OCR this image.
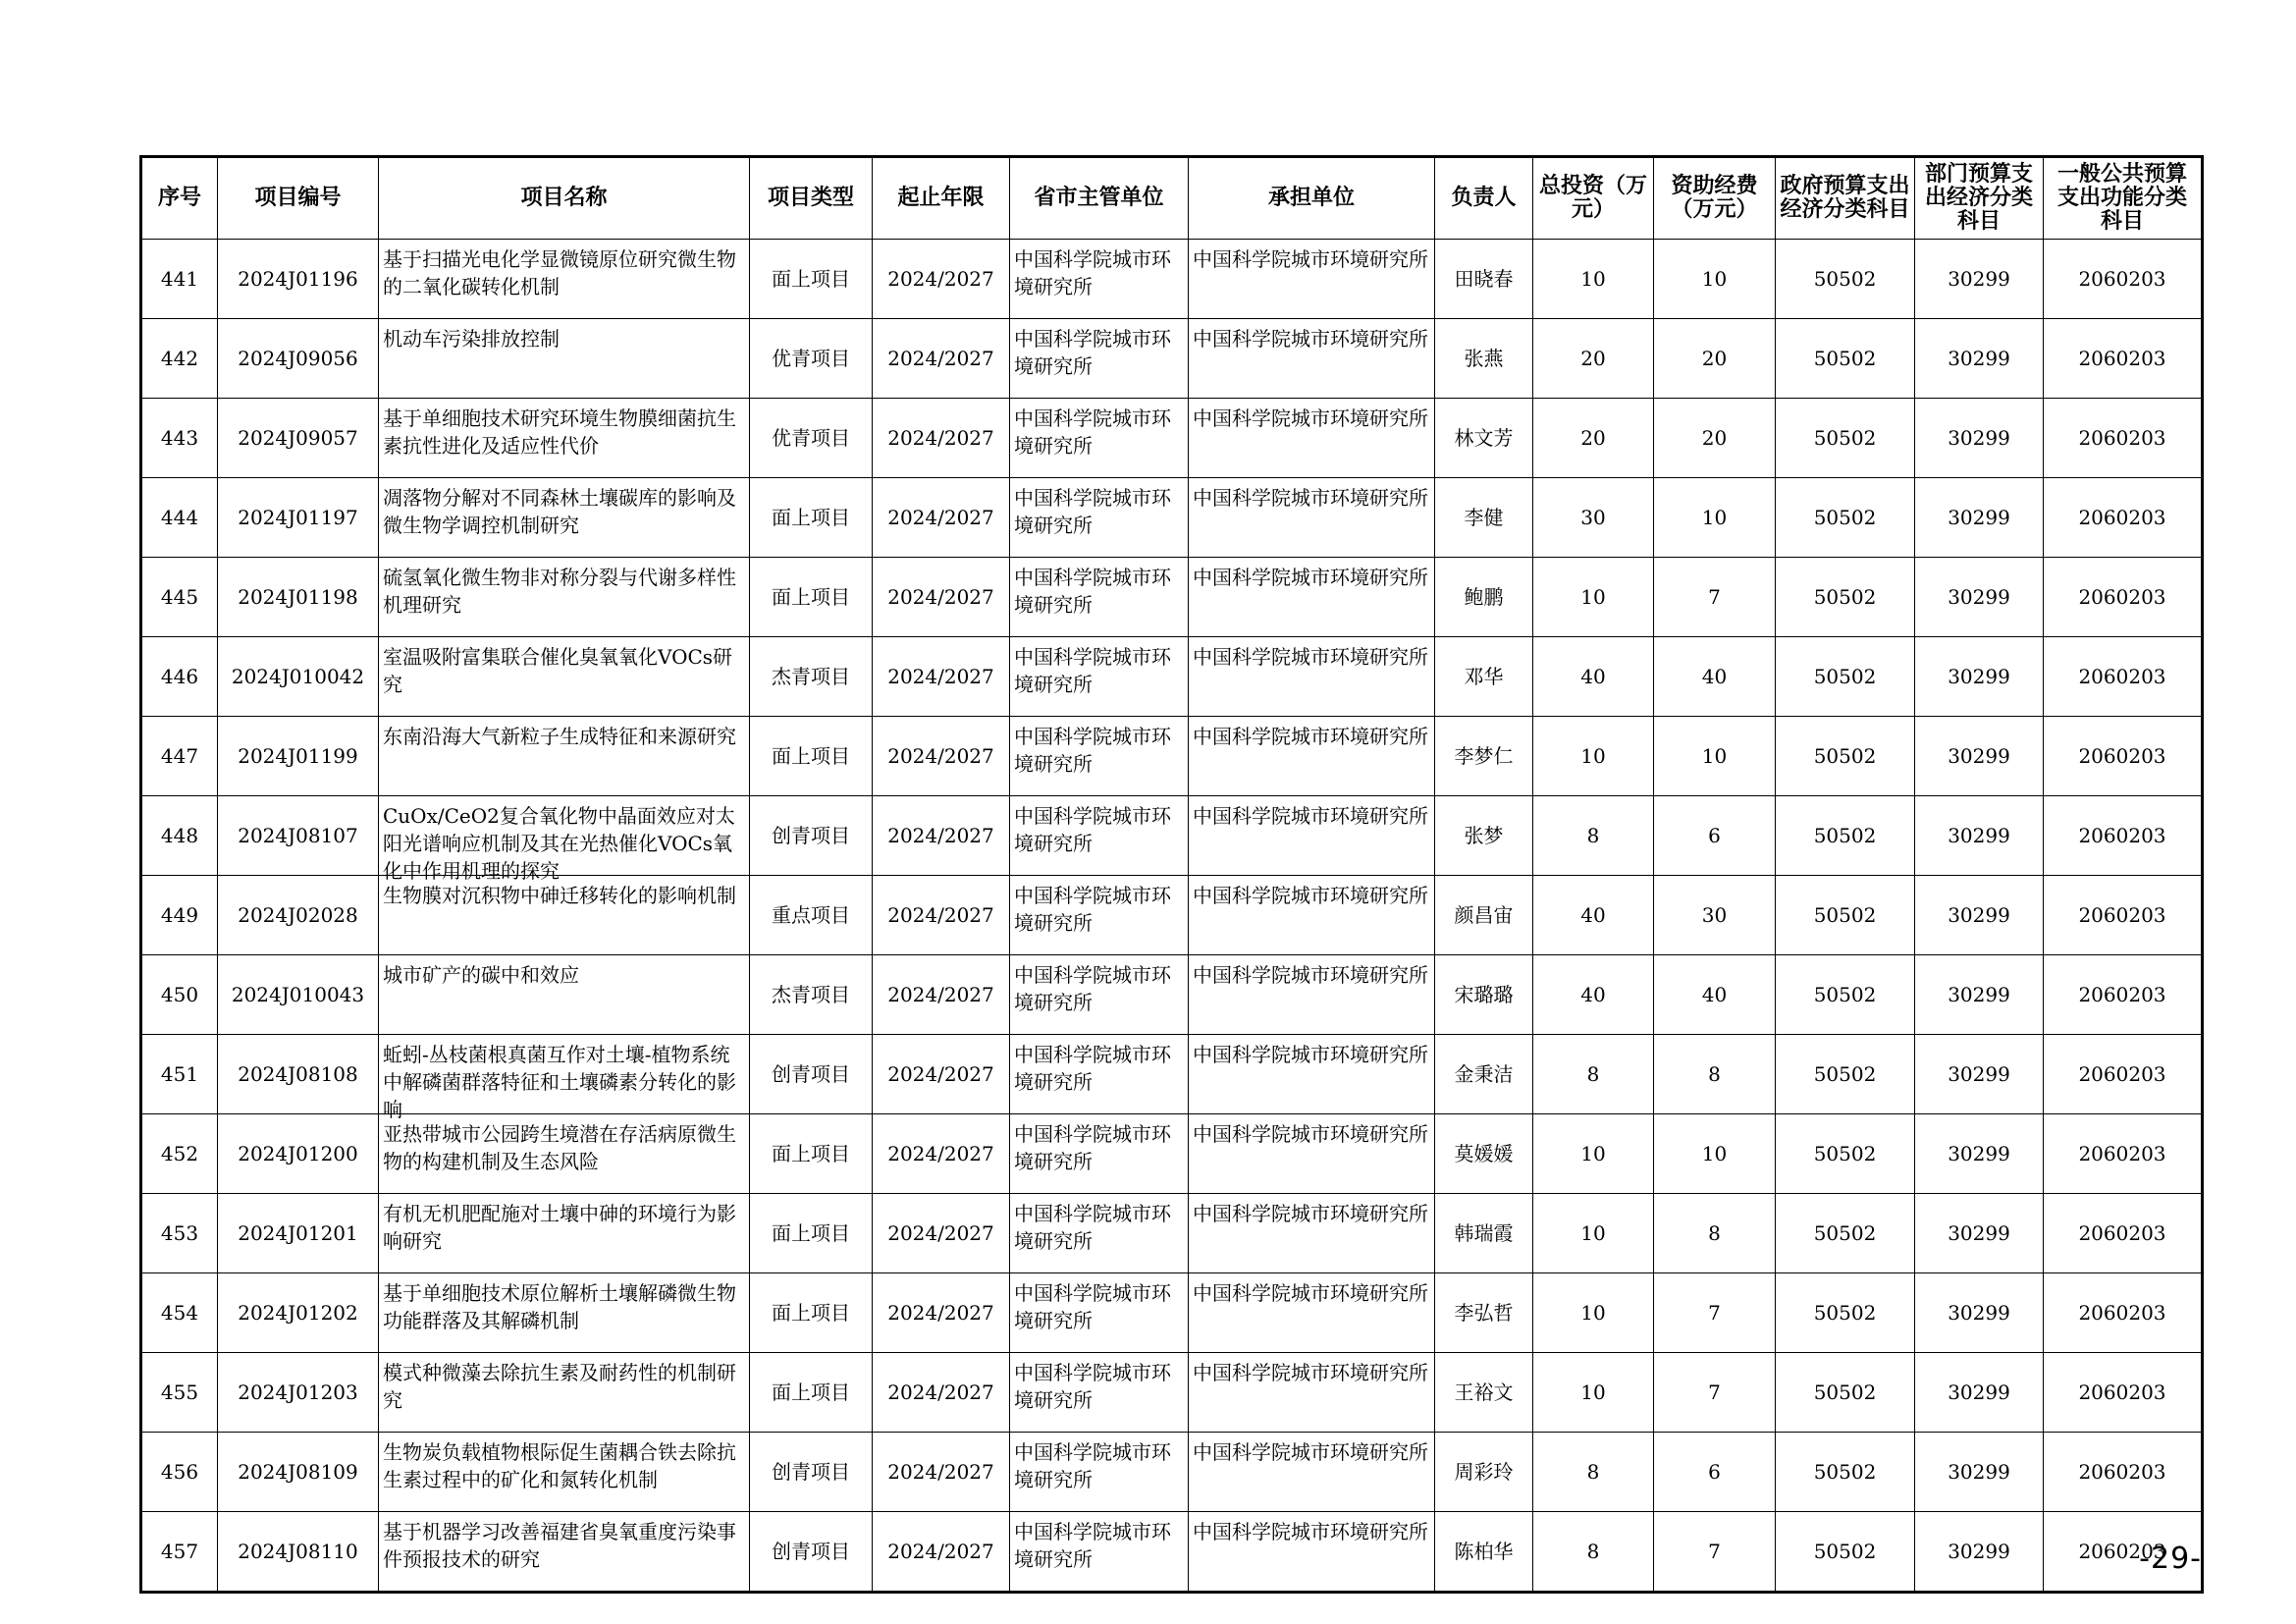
序号	项目编号	项目名称	项目类型	起止年限	省市主管单位	承担单位	负责人	总投资（万元）	资助经费（万元）	政府预算支出经济分类科目	部门预算支出经济分类科目	一般公共预算支出功能分类科目
441	2024J01196	基于扫描光电化学显微镜原位研究微生物的二氧化碳转化机制	面上项目	2024/2027	中国科学院城市环境研究所	中国科学院城市环境研究所	田晓春	10	10	50502	30299	2060203
442	2024J09056	机动车污染排放控制	优青项目	2024/2027	中国科学院城市环境研究所	中国科学院城市环境研究所	张燕	20	20	50502	30299	2060203
443	2024J09057	基于单细胞技术研究环境生物膜细菌抗生素抗性进化及适应性代价	优青项目	2024/2027	中国科学院城市环境研究所	中国科学院城市环境研究所	林文芳	20	20	50502	30299	2060203
444	2024J01197	凋落物分解对不同森林土壤碳库的影响及微生物学调控机制研究	面上项目	2024/2027	中国科学院城市环境研究所	中国科学院城市环境研究所	李健	30	10	50502	30299	2060203
445	2024J01198	硫氢氧化微生物非对称分裂与代谢多样性机理研究	面上项目	2024/2027	中国科学院城市环境研究所	中国科学院城市环境研究所	鲍鹏	10	7	50502	30299	2060203
446	2024J010042	室温吸附富集联合催化臭氧氧化VOCs研究	杰青项目	2024/2027	中国科学院城市环境研究所	中国科学院城市环境研究所	邓华	40	40	50502	30299	2060203
447	2024J01199	东南沿海大气新粒子生成特征和来源研究	面上项目	2024/2027	中国科学院城市环境研究所	中国科学院城市环境研究所	李梦仁	10	10	50502	30299	2060203
448	2024J08107	CuOx/CeO2复合氧化物中晶面效应对太阳光谱响应机制及其在光热催化VOCs氧化中作用机理的探究	创青项目	2024/2027	中国科学院城市环境研究所	中国科学院城市环境研究所	张梦	8	6	50502	30299	2060203
449	2024J02028	生物膜对沉积物中砷迁移转化的影响机制	重点项目	2024/2027	中国科学院城市环境研究所	中国科学院城市环境研究所	颜昌宙	40	30	50502	30299	2060203
450	2024J010043	城市矿产的碳中和效应	杰青项目	2024/2027	中国科学院城市环境研究所	中国科学院城市环境研究所	宋璐璐	40	40	50502	30299	2060203
451	2024J08108	蚯蚓-丛枝菌根真菌互作对土壤-植物系统中解磷菌群落特征和土壤磷素分转化的影响	创青项目	2024/2027	中国科学院城市环境研究所	中国科学院城市环境研究所	金秉洁	8	8	50502	30299	2060203
452	2024J01200	亚热带城市公园跨生境潜在存活病原微生物的构建机制及生态风险	面上项目	2024/2027	中国科学院城市环境研究所	中国科学院城市环境研究所	莫媛媛	10	10	50502	30299	2060203
453	2024J01201	有机无机肥配施对土壤中砷的环境行为影响研究	面上项目	2024/2027	中国科学院城市环境研究所	中国科学院城市环境研究所	韩瑞霞	10	8	50502	30299	2060203
454	2024J01202	基于单细胞技术原位解析土壤解磷微生物功能群落及其解磷机制	面上项目	2024/2027	中国科学院城市环境研究所	中国科学院城市环境研究所	李弘哲	10	7	50502	30299	2060203
455	2024J01203	模式种微藻去除抗生素及耐药性的机制研究	面上项目	2024/2027	中国科学院城市环境研究所	中国科学院城市环境研究所	王裕文	10	7	50502	30299	2060203
456	2024J08109	生物炭负载植物根际促生菌耦合铁去除抗生素过程中的矿化和氮转化机制	创青项目	2024/2027	中国科学院城市环境研究所	中国科学院城市环境研究所	周彩玲	8	6	50502	30299	2060203
457	2024J08110	基于机器学习改善福建省臭氧重度污染事件预报技术的研究	创青项目	2024/2027	中国科学院城市环境研究所	中国科学院城市环境研究所	陈柏华	8	7	50502	30299	2060203
-29-
